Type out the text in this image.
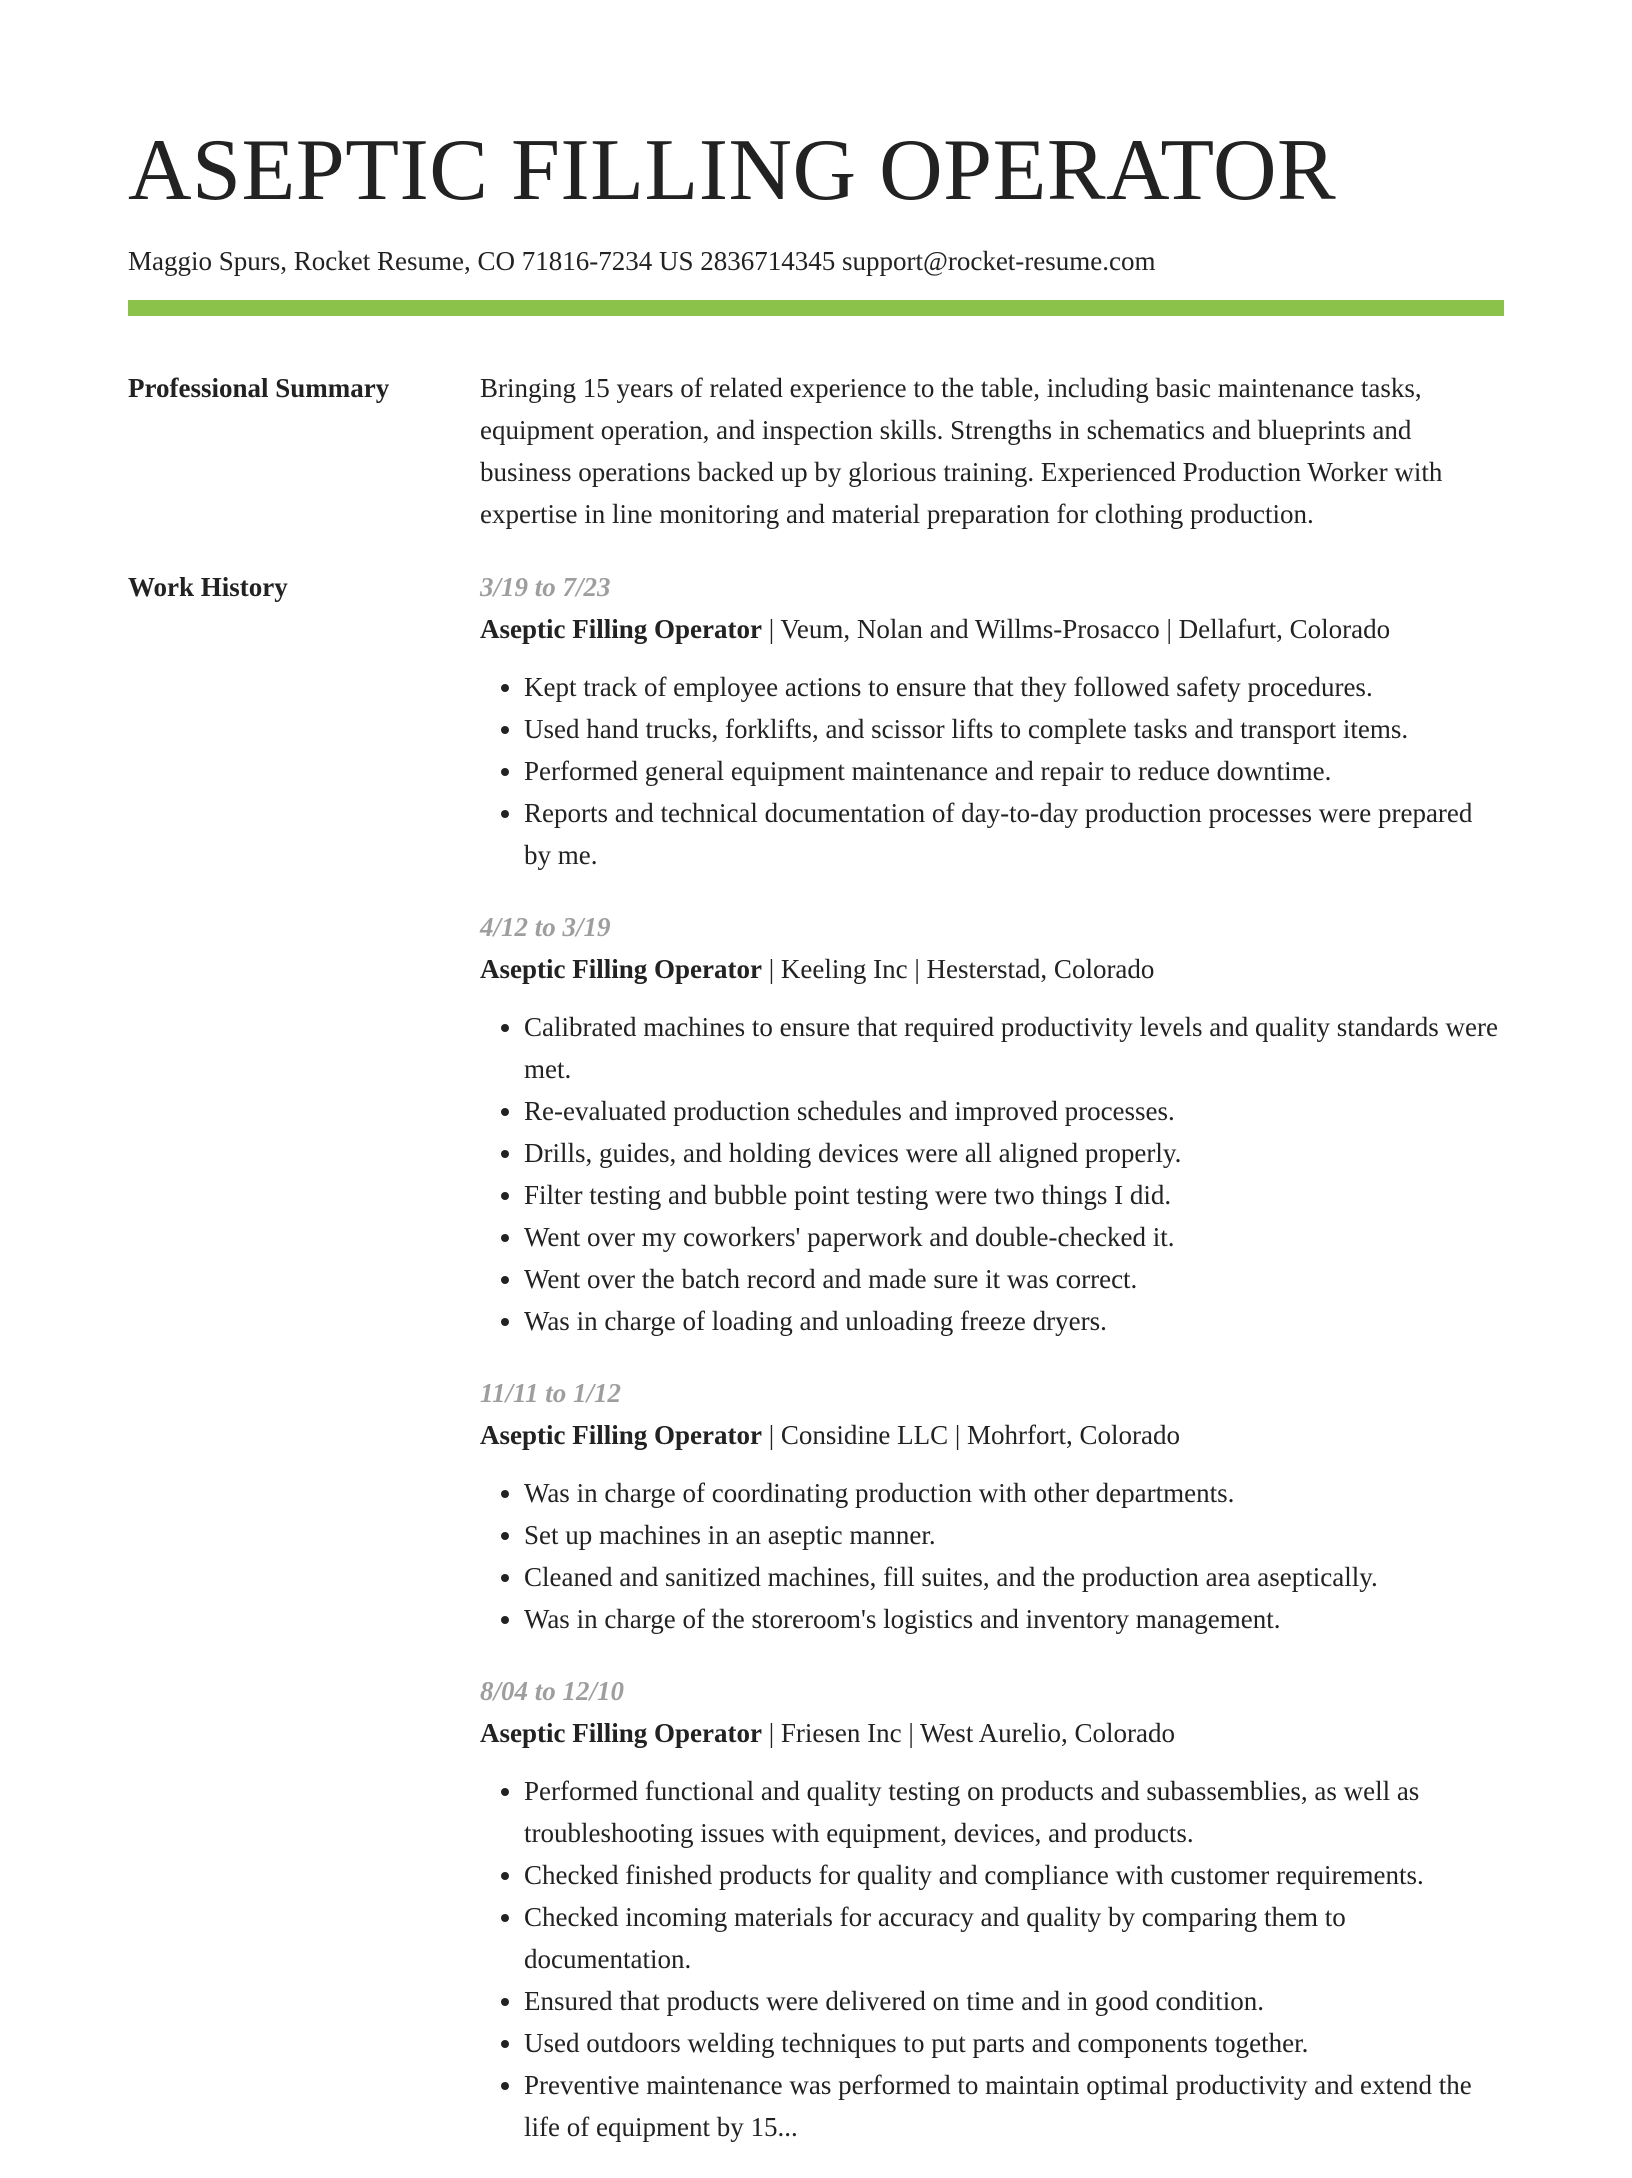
ASEPTIC FILLING OPERATOR
Maggio Spurs, Rocket Resume, CO 71816-7234 US 2836714345 support@rocket-resume.com
Professional Summary	Bringing 15 years of related experience to the table, including basic maintenance tasks, equipment operation, and inspection skills. Strengths in schematics and blueprints and business operations backed up by glorious training. Experienced Production Worker with expertise in line monitoring and material preparation for clothing production.
Work History	3/19 to 7/23
Aseptic Filling Operator | Veum, Nolan and Willms-Prosacco | Dellafurt, Colorado
• Kept track of employee actions to ensure that they followed safety procedures.
• Used hand trucks, forklifts, and scissor lifts to complete tasks and transport items.
• Performed general equipment maintenance and repair to reduce downtime.
• Reports and technical documentation of day-to-day production processes were prepared by me.
4/12 to 3/19
Aseptic Filling Operator | Keeling Inc | Hesterstad, Colorado
• Calibrated machines to ensure that required productivity levels and quality standards were met.
• Re-evaluated production schedules and improved processes.
• Drills, guides, and holding devices were all aligned properly.
• Filter testing and bubble point testing were two things I did.
• Went over my coworkers' paperwork and double-checked it.
• Went over the batch record and made sure it was correct.
• Was in charge of loading and unloading freeze dryers.
11/11 to 1/12
Aseptic Filling Operator | Considine LLC | Mohrfort, Colorado
• Was in charge of coordinating production with other departments.
• Set up machines in an aseptic manner.
• Cleaned and sanitized machines, fill suites, and the production area aseptically.
• Was in charge of the storeroom's logistics and inventory management.
8/04 to 12/10
Aseptic Filling Operator | Friesen Inc | West Aurelio, Colorado
• Performed functional and quality testing on products and subassemblies, as well as troubleshooting issues with equipment, devices, and products.
• Checked finished products for quality and compliance with customer requirements.
• Checked incoming materials for accuracy and quality by comparing them to documentation.
• Ensured that products were delivered on time and in good condition.
• Used outdoors welding techniques to put parts and components together.
• Preventive maintenance was performed to maintain optimal productivity and extend the life of equipment by 15...
